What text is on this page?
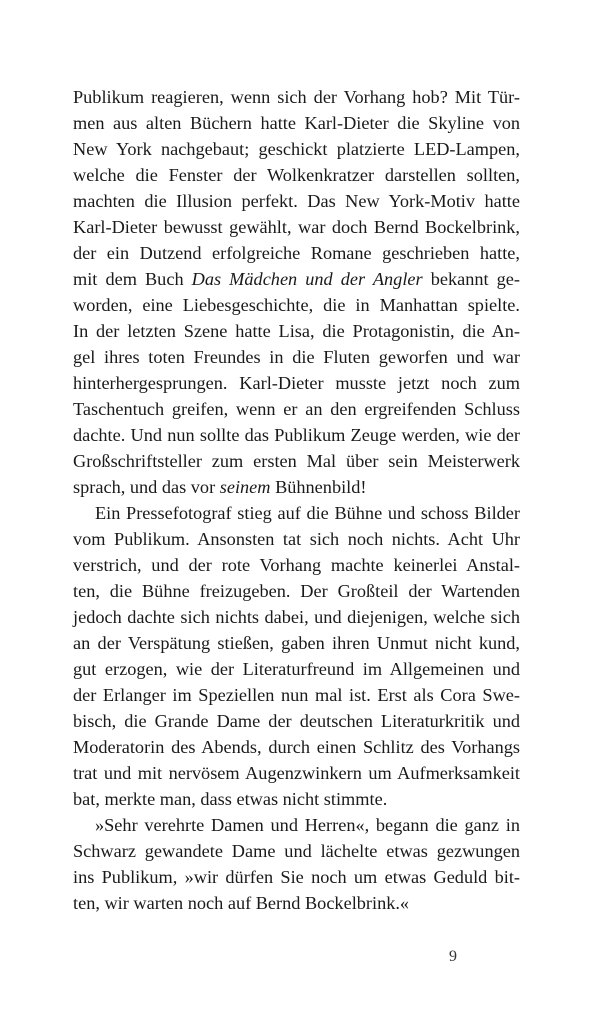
Publikum reagieren, wenn sich der Vorhang hob? Mit Tür-
men aus alten Büchern hatte Karl-Dieter die Skyline von
New York nachgebaut; geschickt platzierte LED-Lampen,
welche die Fenster der Wolkenkratzer darstellen sollten,
machten die Illusion perfekt. Das New York-Motiv hatte
Karl-Dieter bewusst gewählt, war doch Bernd Bockelbrink,
der ein Dutzend erfolgreiche Romane geschrieben hatte,
mit dem Buch Das Mädchen und der Angler bekannt ge-
worden, eine Liebesgeschichte, die in Manhattan spielte.
In der letzten Szene hatte Lisa, die Protagonistin, die An-
gel ihres toten Freundes in die Fluten geworfen und war
hinterhergesprungen. Karl-Dieter musste jetzt noch zum
Taschentuch greifen, wenn er an den ergreifenden Schluss
dachte. Und nun sollte das Publikum Zeuge werden, wie der
Großschriftsteller zum ersten Mal über sein Meisterwerk
sprach, und das vor seinem Bühnenbild!
Ein Pressefotograf stieg auf die Bühne und schoss Bilder
vom Publikum. Ansonsten tat sich noch nichts. Acht Uhr
verstrich, und der rote Vorhang machte keinerlei Anstal-
ten, die Bühne freizugeben. Der Großteil der Wartenden
jedoch dachte sich nichts dabei, und diejenigen, welche sich
an der Verspätung stießen, gaben ihren Unmut nicht kund,
gut erzogen, wie der Literaturfreund im Allgemeinen und
der Erlanger im Speziellen nun mal ist. Erst als Cora Swe-
bisch, die Grande Dame der deutschen Literaturkritik und
Moderatorin des Abends, durch einen Schlitz des Vorhangs
trat und mit nervösem Augenzwinkern um Aufmerksamkeit
bat, merkte man, dass etwas nicht stimmte.
»Sehr verehrte Damen und Herren«, begann die ganz in
Schwarz gewandete Dame und lächelte etwas gezwungen
ins Publikum, »wir dürfen Sie noch um etwas Geduld bit-
ten, wir warten noch auf Bernd Bockelbrink.«
9
